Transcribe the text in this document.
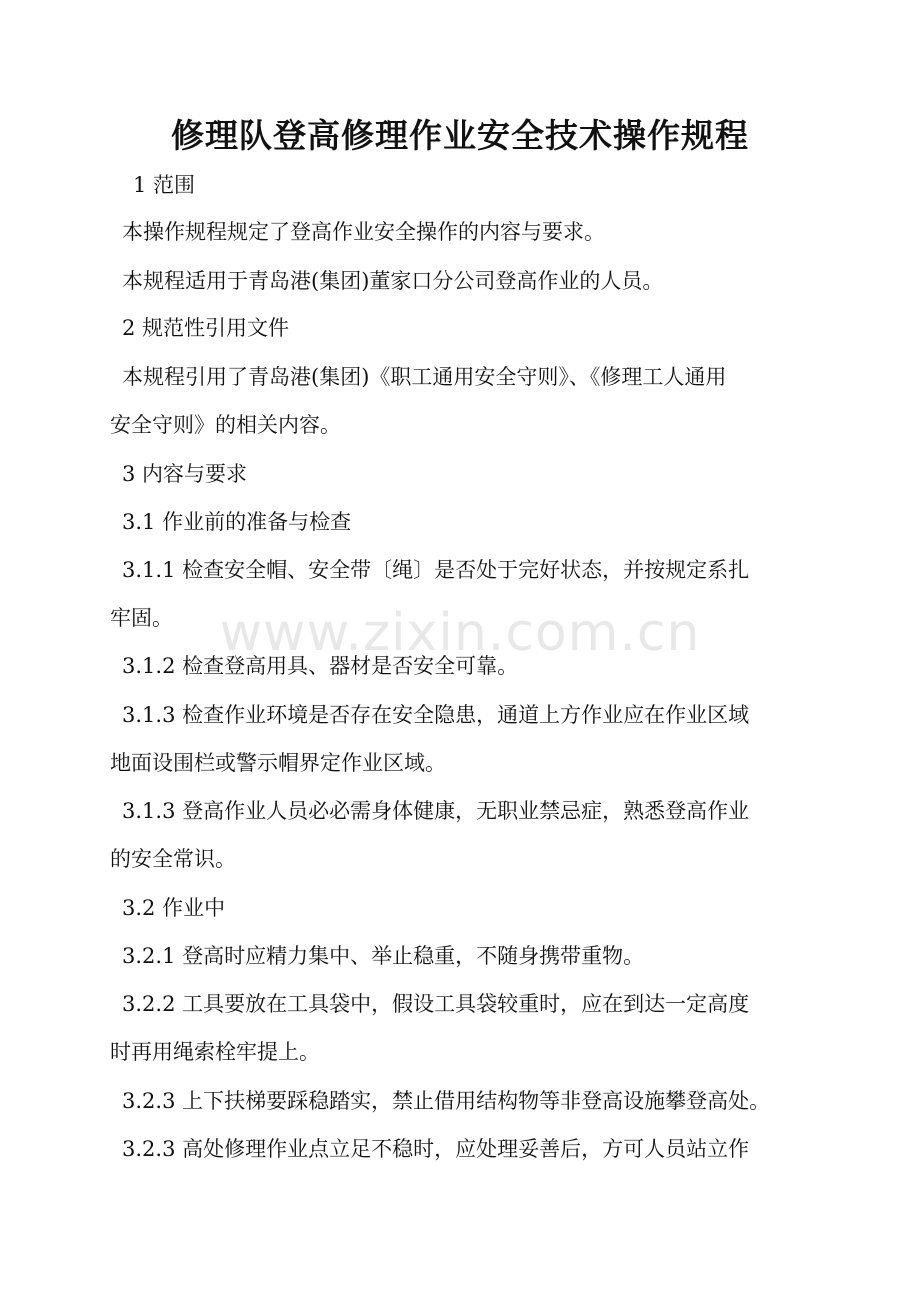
修理队登高修理作业安全技术操作规程
1 范围
本操作规程规定了登高作业安全操作的内容与要求。
本规程适用于青岛港(集团)董家口分公司登高作业的人员。
2 规范性引用文件
本规程引用了青岛港(集团)《职工通用安全守则》、《修理工人通用
安全守则》的相关内容。
3 内容与要求
3.1 作业前的准备与检查
3.1.1 检查安全帽、安全带〔绳〕是否处于完好状态，并按规定系扎
牢固。
3.1.2 检查登高用具、器材是否安全可靠。
3.1.3 检查作业环境是否存在安全隐患，通道上方作业应在作业区域
地面设围栏或警示帽界定作业区域。
3.1.3 登高作业人员必必需身体健康，无职业禁忌症，熟悉登高作业
的安全常识。
3.2 作业中
3.2.1 登高时应精力集中、举止稳重，不随身携带重物。
3.2.2 工具要放在工具袋中，假设工具袋较重时，应在到达一定高度
时再用绳索栓牢提上。
3.2.3 上下扶梯要踩稳踏实，禁止借用结构物等非登高设施攀登高处。
3.2.3 高处修理作业点立足不稳时，应处理妥善后，方可人员站立作
www.zixin.com.cn
